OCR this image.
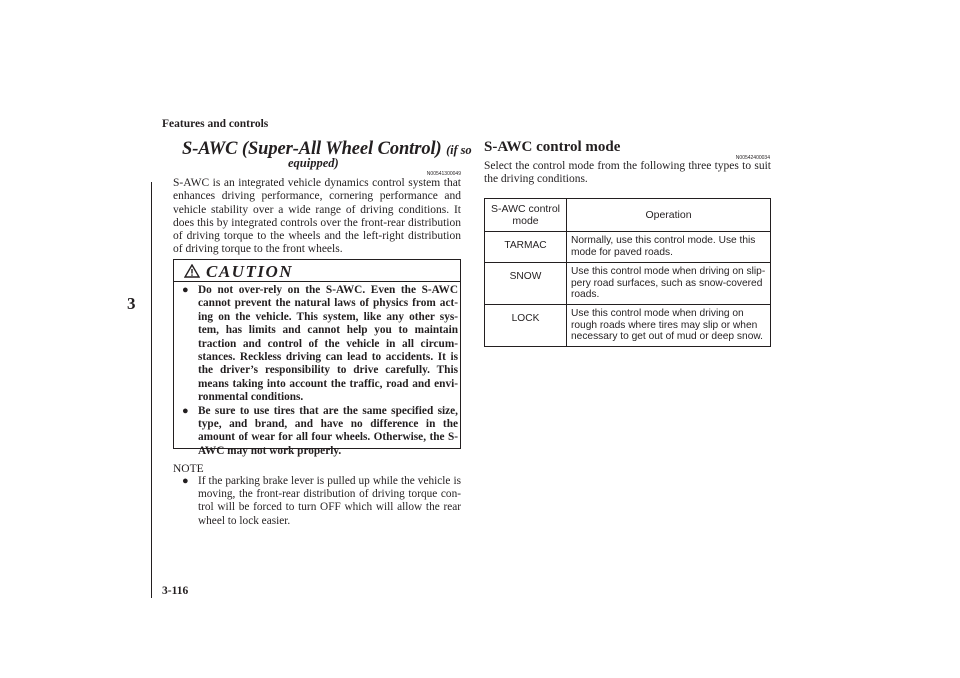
Features and controls
3
3-116
S-AWC (Super-All Wheel Control) (if so
equipped)
N00541300049
S-AWC is an integrated vehicle dynamics control system that enhances driving performance, cornering performance and vehicle stability over a wide range of driving conditions. It does this by integrated controls over the front-rear distribution of driving torque to the wheels and the left-right distribution of driving torque to the front wheels.
CAUTION
● Do not over-rely on the S-AWC. Even the S-AWC cannot prevent the natural laws of physics from act-ing on the vehicle. This system, like any other sys-tem, has limits and cannot help you to maintain traction and control of the vehicle in all circum-stances. Reckless driving can lead to accidents. It is the driver’s responsibility to drive carefully. This means taking into account the traffic, road and envi-ronmental conditions.
● Be sure to use tires that are the same specified size, type, and brand, and have no difference in the amount of wear for all four wheels. Otherwise, the S-AWC may not work properly.
NOTE
● If the parking brake lever is pulled up while the vehicle is moving, the front-rear distribution of driving torque con-trol will be forced to turn OFF which will allow the rear wheel to lock easier.
S-AWC control mode
N00542400034
Select the control mode from the following three types to suit the driving conditions.
S-AWC control mode	Operation
TARMAC	Normally, use this control mode. Use this mode for paved roads.
SNOW	Use this control mode when driving on slip-pery road surfaces, such as snow-covered roads.
LOCK	Use this control mode when driving on rough roads where tires may slip or when necessary to get out of mud or deep snow.
